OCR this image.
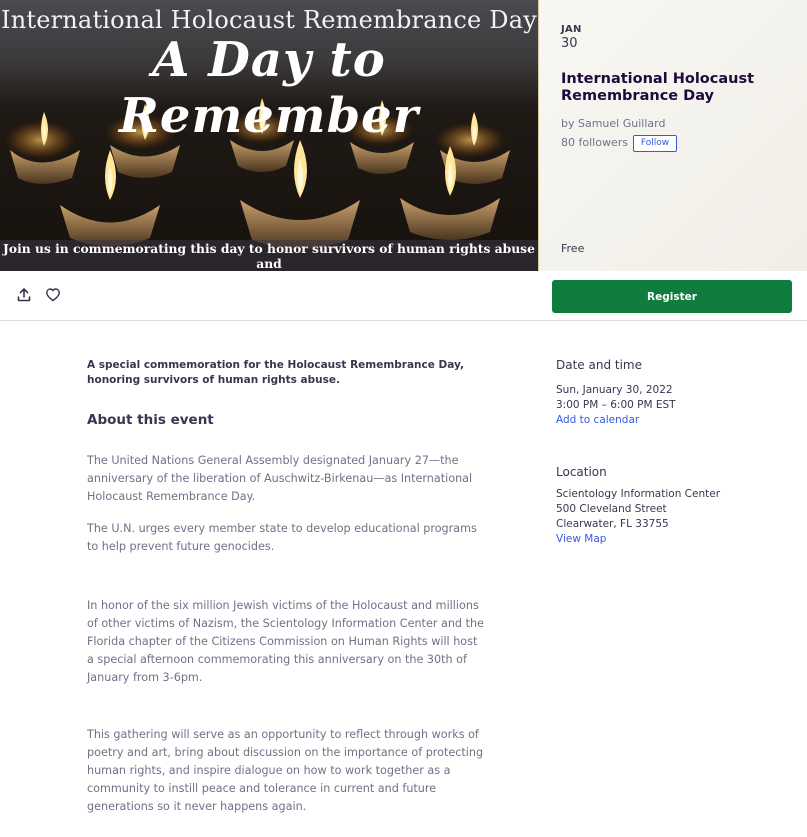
International Holocaust Remembrance Day
A Day to Remember
Join us in commemorating this day to honor survivors of human rights abuse and
JAN
30
International Holocaust Remembrance Day
by Samuel Guillard
80 followers	Follow
Free
Register
A special commemoration for the Holocaust Remembrance Day, honoring survivors of human rights abuse.
About this event

The United Nations General Assembly designated January 27—the anniversary of the liberation of Auschwitz-Birkenau—as International Holocaust Remembrance Day.

The U.N. urges every member state to develop educational programs to help prevent future genocides.

In honor of the six million Jewish victims of the Holocaust and millions of other victims of Nazism, the Scientology Information Center and the Florida chapter of the Citizens Commission on Human Rights will host a special afternoon commemorating this anniversary on the 30th of January from 3-6pm.

This gathering will serve as an opportunity to reflect through works of poetry and art, bring about discussion on the importance of protecting human rights, and inspire dialogue on how to work together as a community to instill peace and tolerance in current and future generations so it never happens again.

Date and time
Sun, January 30, 2022
3:00 PM – 6:00 PM EST
Add to calendar
Location
Scientology Information Center
500 Cleveland Street
Clearwater, FL 33755
View Map
